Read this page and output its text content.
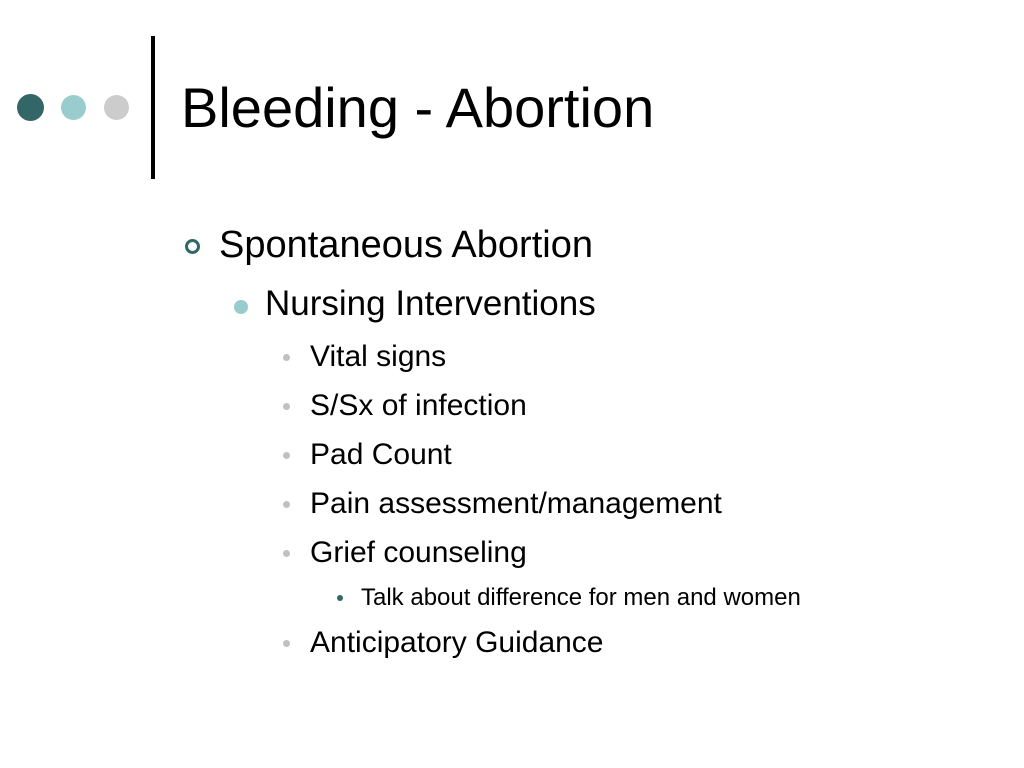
Bleeding - Abortion
Spontaneous Abortion
Nursing Interventions
Vital signs
S/Sx of infection
Pad Count
Pain assessment/management
Grief counseling
Talk about difference for men and women
Anticipatory Guidance
